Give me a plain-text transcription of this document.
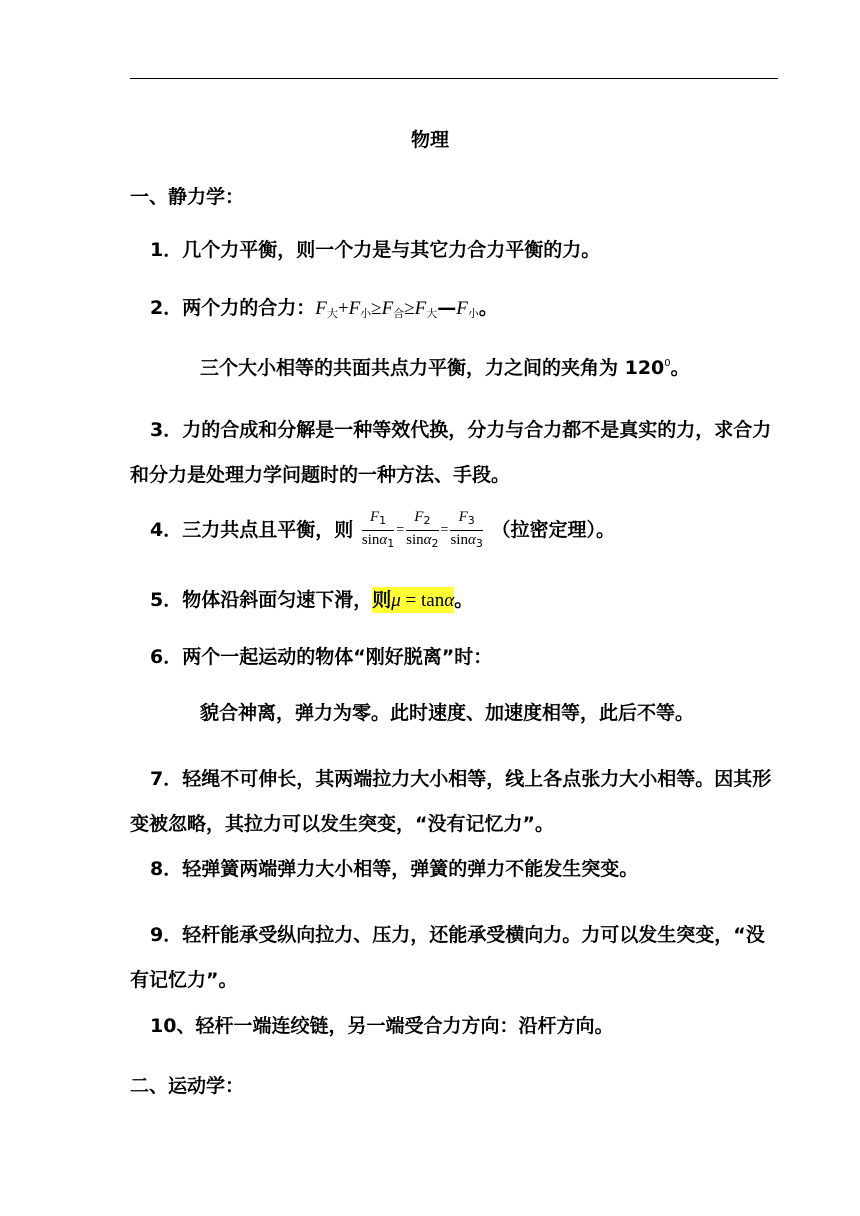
物理
一、静力学：
1．几个力平衡，则一个力是与其它力合力平衡的力。
2．两个力的合力：$F_大+F_小\ge F_合\ge F_大—F_小$。
三个大小相等的共面共点力平衡，力之间的夹角为 $120^0$。
3．力的合成和分解是一种等效代换，分力与合力都不是真实的力，求合力和分力是处理力学问题时的一种方法、手段。
4．三力共点且平衡，则 $\frac{F_1}{\sin\alpha_1} = \frac{F_2}{\sin\alpha_2} = \frac{F_3}{\sin\alpha_3}$ （拉密定理）。
5．物体沿斜面匀速下滑，则μ = tanα。
6．两个一起运动的物体“刚好脱离”时：
貌合神离，弹力为零。此时速度、加速度相等，此后不等。
7．轻绳不可伸长，其两端拉力大小相等，线上各点张力大小相等。因其形变被忽略，其拉力可以发生突变，“没有记忆力”。
8．轻弹簧两端弹力大小相等，弹簧的弹力不能发生突变。
9．轻杆能承受纵向拉力、压力，还能承受横向力。力可以发生突变，“没有记忆力”。
10、轻杆一端连绞链，另一端受合力方向：沿杆方向。
二、运动学：
